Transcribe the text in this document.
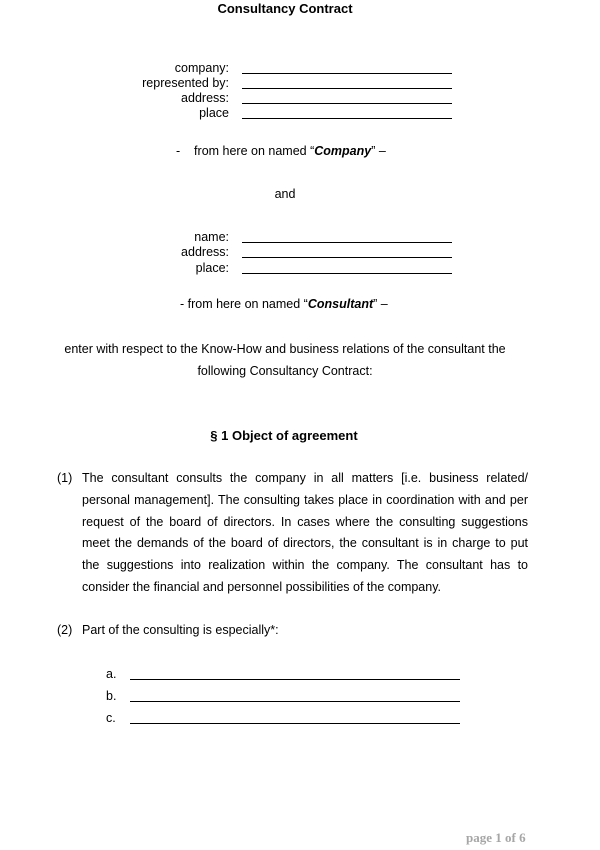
Consultancy Contract
company:
represented by:
address:
place
-    from here on named “Company” –
and
name:
address:
place:
- from here on named “Consultant” –
enter with respect to the Know-How and business relations of the consultant the
following Consultancy Contract:
§ 1 Object of agreement
(1) The consultant consults the company in all matters [i.e. business related/ personal management]. The consulting takes place in coordination with and per request of the board of directors. In cases where the consulting suggestions meet the demands of the board of directors, the consultant is in charge to put the suggestions into realization within the company. The consultant has to consider the financial and personnel possibilities of the company.
(2) Part of the consulting is especially*:
a.
b.
c.
page 1 of 6
